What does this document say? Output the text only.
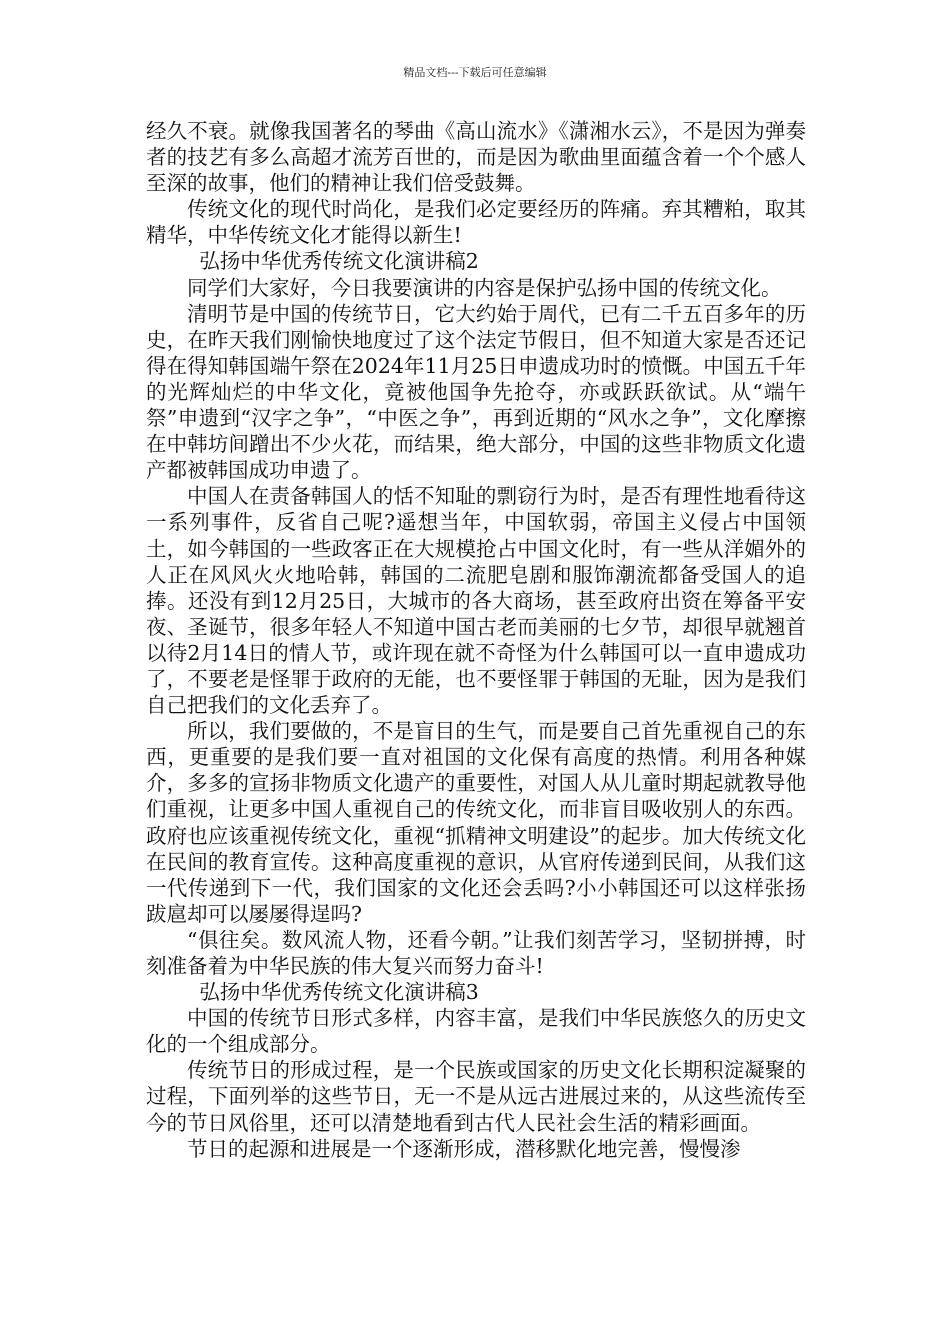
精品文档---下载后可任意编辑

经久不衰。就像我国著名的琴曲《高山流水》《潇湘水云》，不是因为弹奏者的技艺有多么高超才流芳百世的，而是因为歌曲里面蕴含着一个个感人至深的故事，他们的精神让我们倍受鼓舞。

传统文化的现代时尚化，是我们必定要经历的阵痛。弃其糟粕，取其精华，中华传统文化才能得以新生!

弘扬中华优秀传统文化演讲稿2

同学们大家好，今日我要演讲的内容是保护弘扬中国的传统文化。

清明节是中国的传统节日，它大约始于周代，已有二千五百多年的历史，在昨天我们刚愉快地度过了这个法定节假日，但不知道大家是否还记得在得知韩国端午祭在2024年11月25日申遗成功时的愤慨。中国五千年的光辉灿烂的中华文化，竟被他国争先抢夺，亦或跃跃欲试。从“端午祭”申遗到“汉字之争”，“中医之争”，再到近期的“风水之争”，文化摩擦在中韩坊间蹭出不少火花，而结果，绝大部分，中国的这些非物质文化遗产都被韩国成功申遗了。

中国人在责备韩国人的恬不知耻的剽窃行为时，是否有理性地看待这一系列事件，反省自己呢?遥想当年，中国软弱，帝国主义侵占中国领土，如今韩国的一些政客正在大规模抢占中国文化时，有一些从洋媚外的人正在风风火火地哈韩，韩国的二流肥皂剧和服饰潮流都备受国人的追捧。还没有到12月25日，大城市的各大商场，甚至政府出资在筹备平安夜、圣诞节，很多年轻人不知道中国古老而美丽的七夕节，却很早就翘首以待2月14日的情人节，或许现在就不奇怪为什么韩国可以一直申遗成功了，不要老是怪罪于政府的无能，也不要怪罪于韩国的无耻，因为是我们自己把我们的文化丢弃了。

所以，我们要做的，不是盲目的生气，而是要自己首先重视自己的东西，更重要的是我们要一直对祖国的文化保有高度的热情。利用各种媒介，多多的宣扬非物质文化遗产的重要性，对国人从儿童时期起就教导他们重视，让更多中国人重视自己的传统文化，而非盲目吸收别人的东西。政府也应该重视传统文化，重视“抓精神文明建设”的起步。加大传统文化在民间的教育宣传。这种高度重视的意识，从官府传递到民间，从我们这一代传递到下一代，我们国家的文化还会丢吗?小小韩国还可以这样张扬跋扈却可以屡屡得逞吗?

“俱往矣。数风流人物，还看今朝。”让我们刻苦学习，坚韧拼搏，时刻准备着为中华民族的伟大复兴而努力奋斗!

弘扬中华优秀传统文化演讲稿3

中国的传统节日形式多样，内容丰富，是我们中华民族悠久的历史文化的一个组成部分。

传统节日的形成过程，是一个民族或国家的历史文化长期积淀凝聚的过程，下面列举的这些节日，无一不是从远古进展过来的，从这些流传至今的节日风俗里，还可以清楚地看到古代人民社会生活的精彩画面。

节日的起源和进展是一个逐渐形成，潜移默化地完善，慢慢渗
